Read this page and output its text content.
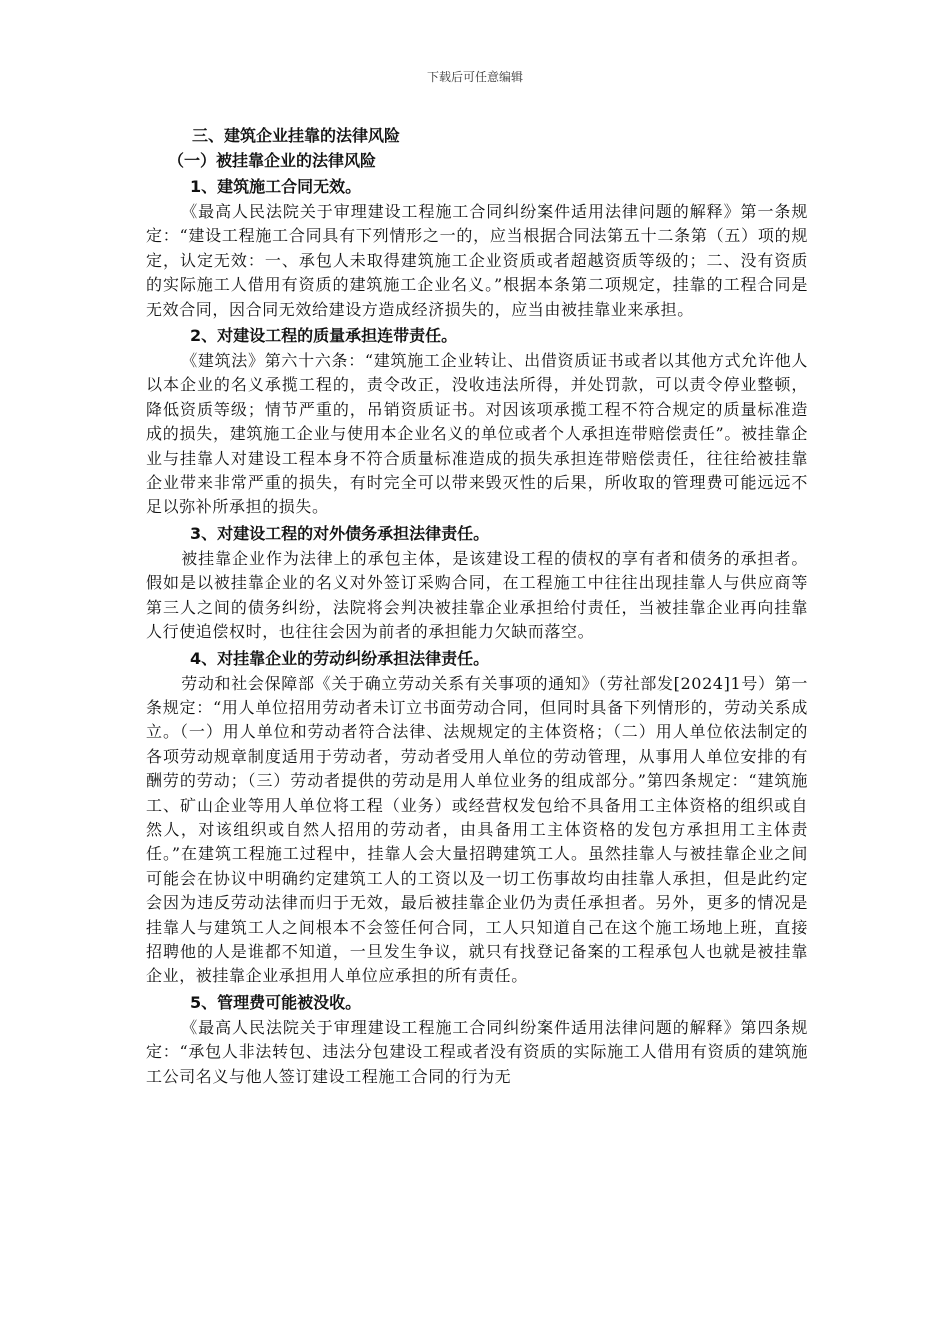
下载后可任意编辑

三、建筑企业挂靠的法律风险

（一）被挂靠企业的法律风险

1、建筑施工合同无效。

《最高人民法院关于审理建设工程施工合同纠纷案件适用法律问题的解释》第一条规定：“建设工程施工合同具有下列情形之一的，应当根据合同法第五十二条第（五）项的规定，认定无效：一、承包人未取得建筑施工企业资质或者超越资质等级的；二、没有资质的实际施工人借用有资质的建筑施工企业名义。”根据本条第二项规定，挂靠的工程合同是无效合同，因合同无效给建设方造成经济损失的，应当由被挂靠业来承担。

2、对建设工程的质量承担连带责任。

《建筑法》第六十六条：“建筑施工企业转让、出借资质证书或者以其他方式允许他人以本企业的名义承揽工程的，责令改正，没收违法所得，并处罚款，可以责令停业整顿，降低资质等级；情节严重的，吊销资质证书。对因该项承揽工程不符合规定的质量标准造成的损失，建筑施工企业与使用本企业名义的单位或者个人承担连带赔偿责任”。被挂靠企业与挂靠人对建设工程本身不符合质量标准造成的损失承担连带赔偿责任，往往给被挂靠企业带来非常严重的损失，有时完全可以带来毁灭性的后果，所收取的管理费可能远远不足以弥补所承担的损失。

3、对建设工程的对外债务承担法律责任。

被挂靠企业作为法律上的承包主体，是该建设工程的债权的享有者和债务的承担者。假如是以被挂靠企业的名义对外签订采购合同，在工程施工中往往出现挂靠人与供应商等第三人之间的债务纠纷，法院将会判决被挂靠企业承担给付责任，当被挂靠企业再向挂靠人行使追偿权时，也往往会因为前者的承担能力欠缺而落空。

4、对挂靠企业的劳动纠纷承担法律责任。

劳动和社会保障部《关于确立劳动关系有关事项的通知》（劳社部发[2024]1号）第一条规定：“用人单位招用劳动者未订立书面劳动合同，但同时具备下列情形的，劳动关系成立。（一）用人单位和劳动者符合法律、法规规定的主体资格；（二）用人单位依法制定的各项劳动规章制度适用于劳动者，劳动者受用人单位的劳动管理，从事用人单位安排的有酬劳的劳动；（三）劳动者提供的劳动是用人单位业务的组成部分。”第四条规定：“建筑施工、矿山企业等用人单位将工程（业务）或经营权发包给不具备用工主体资格的组织或自然人，对该组织或自然人招用的劳动者，由具备用工主体资格的发包方承担用工主体责任。”在建筑工程施工过程中，挂靠人会大量招聘建筑工人。虽然挂靠人与被挂靠企业之间可能会在协议中明确约定建筑工人的工资以及一切工伤事故均由挂靠人承担，但是此约定会因为违反劳动法律而归于无效，最后被挂靠企业仍为责任承担者。另外，更多的情况是挂靠人与建筑工人之间根本不会签任何合同，工人只知道自己在这个施工场地上班，直接招聘他的人是谁都不知道，一旦发生争议，就只有找登记备案的工程承包人也就是被挂靠企业，被挂靠企业承担用人单位应承担的所有责任。

5、管理费可能被没收。

《最高人民法院关于审理建设工程施工合同纠纷案件适用法律问题的解释》第四条规定：“承包人非法转包、违法分包建设工程或者没有资质的实际施工人借用有资质的建筑施工公司名义与他人签订建设工程施工合同的行为无
